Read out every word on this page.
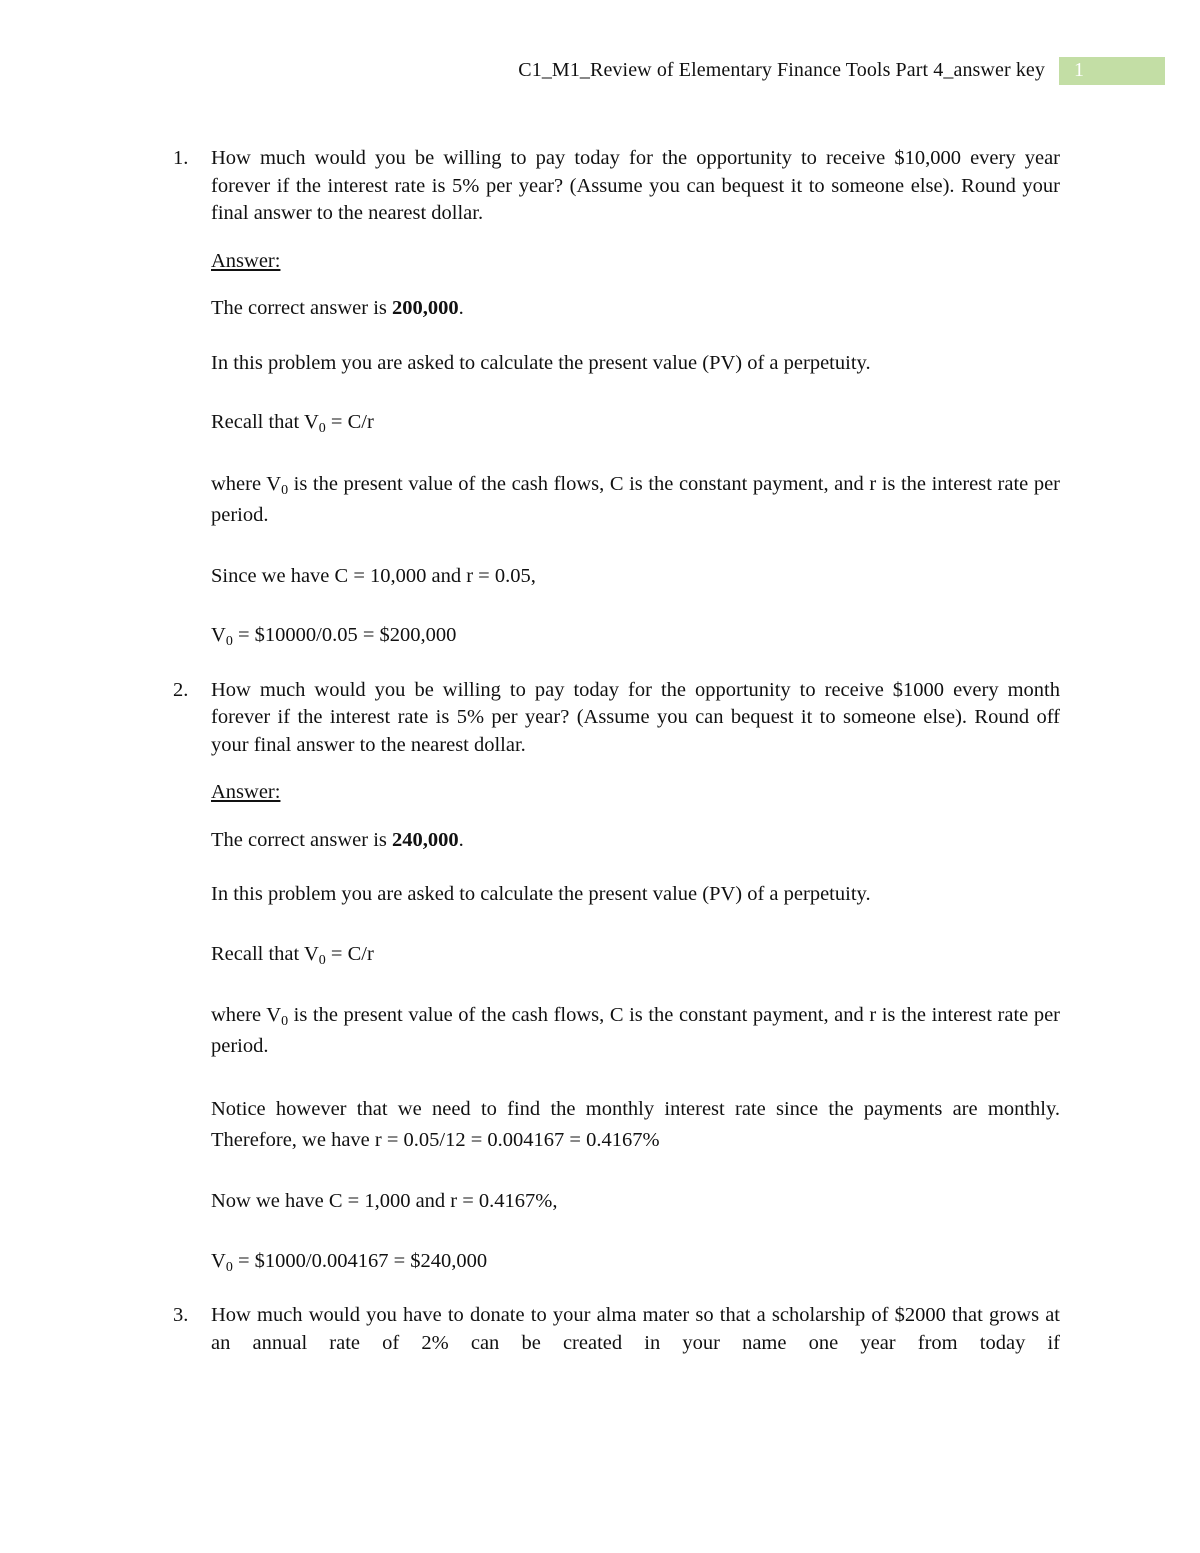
C1_M1_Review of Elementary Finance Tools Part 4_answer key 1
1. How much would you be willing to pay today for the opportunity to receive $10,000 every year forever if the interest rate is 5% per year? (Assume you can bequest it to someone else). Round your final answer to the nearest dollar.

Answer:

The correct answer is 200,000.

In this problem you are asked to calculate the present value (PV) of a perpetuity.

Recall that $V_0 = C/r$

where $V_0$ is the present value of the cash flows, C is the constant payment, and r is the interest rate per period.

Since we have C = 10,000 and r = 0.05,

$V_0$ = $10000/0.05 = $200,000

2. How much would you be willing to pay today for the opportunity to receive $1000 every month forever if the interest rate is 5% per year? (Assume you can bequest it to someone else). Round off your final answer to the nearest dollar.

Answer:

The correct answer is 240,000.

In this problem you are asked to calculate the present value (PV) of a perpetuity.

Recall that $V_0 = C/r$

where $V_0$ is the present value of the cash flows, C is the constant payment, and r is the interest rate per period.

Notice however that we need to find the monthly interest rate since the payments are monthly. Therefore, we have r = 0.05/12 = 0.004167 = 0.4167%

Now we have C = 1,000 and r = 0.4167%,

$V_0$ = $1000/0.004167 = $240,000

3. How much would you have to donate to your alma mater so that a scholarship of $2000 that grows at an annual rate of 2% can be created in your name one year from today if
